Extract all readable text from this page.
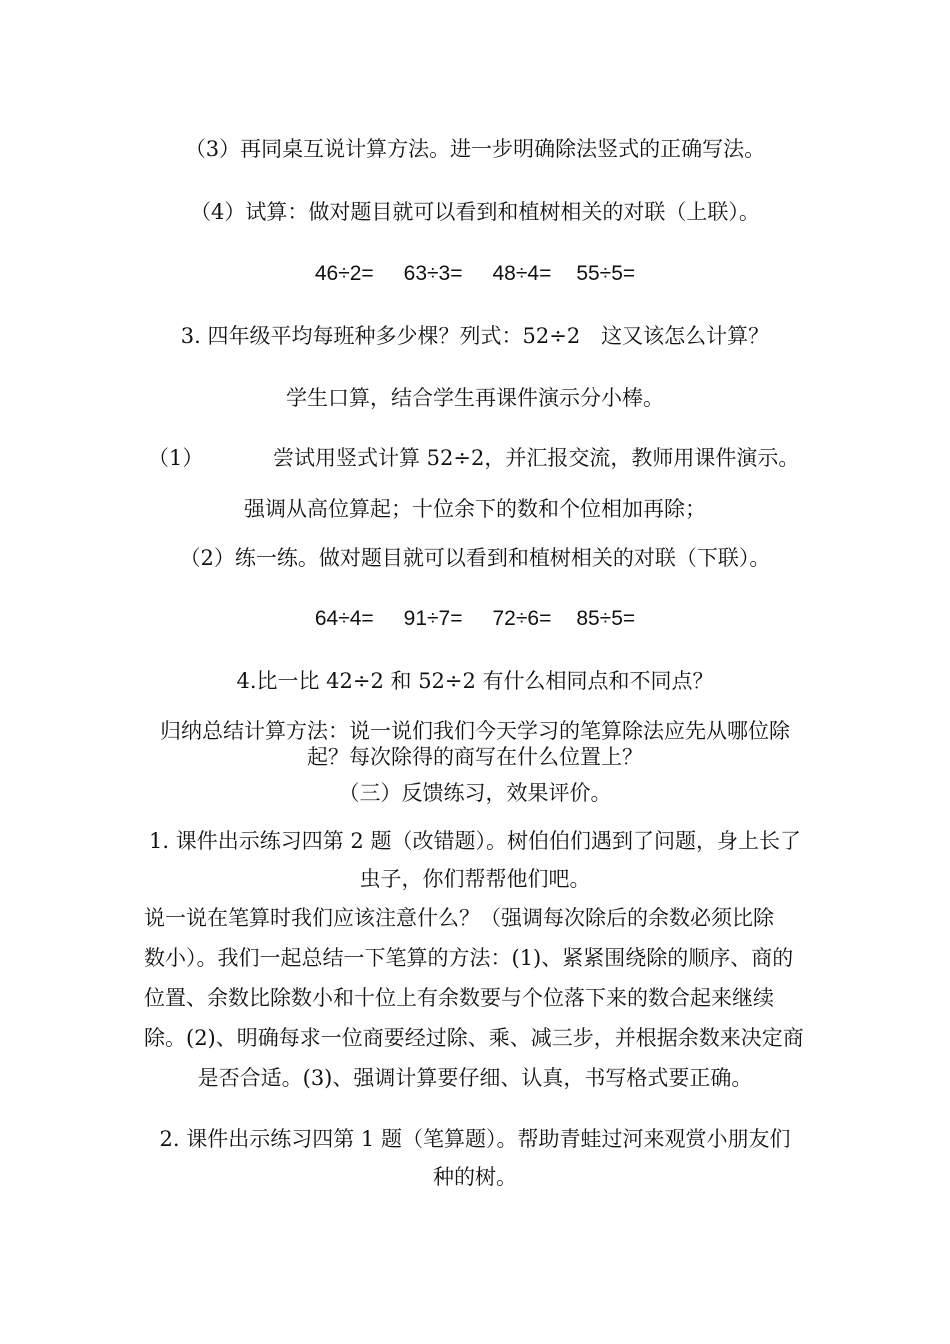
（3）再同桌互说计算方法。进一步明确除法竖式的正确写法。
（4）试算：做对题目就可以看到和植树相关的对联（上联）。
46÷2= 63÷3= 48÷4= 55÷5=
3. 四年级平均每班种多少棵？列式：52÷2　这又该怎么计算？
学生口算，结合学生再课件演示分小棒。
（1）	尝试用竖式计算 52÷2，并汇报交流，教师用课件演示。
强调从高位算起；十位余下的数和个位相加再除；
（2）练一练。做对题目就可以看到和植树相关的对联（下联）。
64÷4= 91÷7= 72÷6= 85÷5=
4.比一比 42÷2 和 52÷2 有什么相同点和不同点？
归纳总结计算方法：说一说们我们今天学习的笔算除法应先从哪位除
起？每次除得的商写在什么位置上？
（三）反馈练习，效果评价。
1. 课件出示练习四第 2 题（改错题）。树伯伯们遇到了问题，身上长了
虫子，你们帮帮他们吧。
说一说在笔算时我们应该注意什么？（强调每次除后的余数必须比除
数小）。我们一起总结一下笔算的方法：(1)、紧紧围绕除的顺序、商的
位置、余数比除数小和十位上有余数要与个位落下来的数合起来继续
除。(2)、明确每求一位商要经过除、乘、减三步，并根据余数来决定商
是否合适。(3)、强调计算要仔细、认真，书写格式要正确。
2. 课件出示练习四第 1 题（笔算题）。帮助青蛙过河来观赏小朋友们
种的树。
